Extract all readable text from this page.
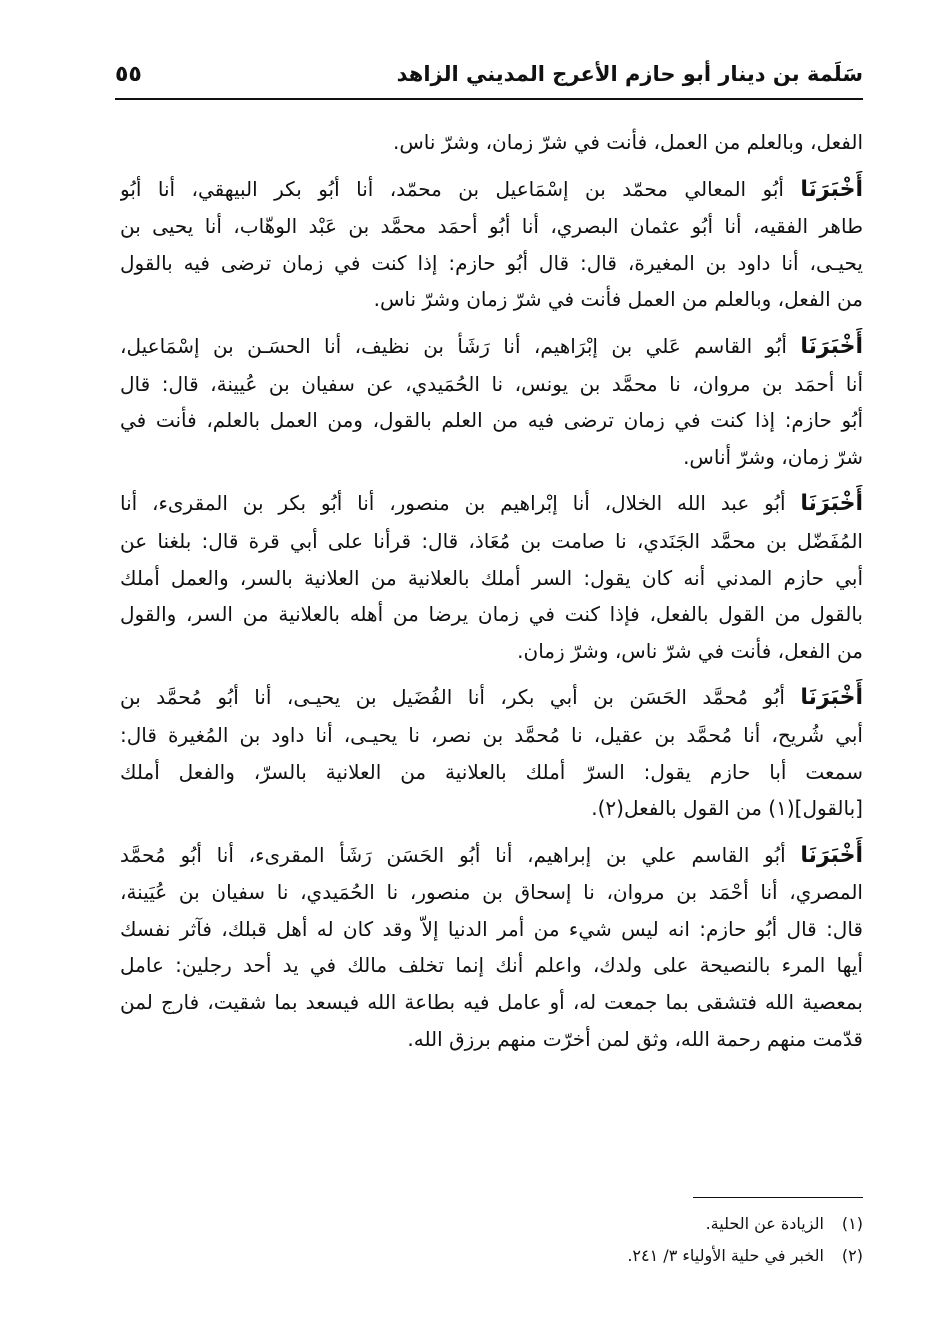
سَلَمة بن دينار أبو حازم الأعرج المديني الزاهد
٥٥
الفعل، وبالعلم من العمل، فأنت في شرّ زمان، وشرّ ناس.
أَخْبَرَنَا أبُو المعالي محمّد بن إسْمَاعيل بن محمّد، أنا أبُو بكر البيهقي، أنا أبُو
طاهر الفقيه، أنا أبُو عثمان البصري، أنا أبُو أحمَد محمَّد بن عَبْد الوهّاب، أنا يحيى بن
يحيـى، أنا داود بن المغيرة، قال: قال أبُو حازم: إذا كنت في زمان ترضى فيه بالقول
من الفعل، وبالعلم من العمل فأنت في شرّ زمان وشرّ ناس.
أَخْبَرَنَا أبُو القاسم عَلي بن إبْرَاهيم، أنا رَشَأ بن نظيف، أنا الحسَـن بن إسْمَاعيل،
أنا أحمَد بن مروان، نا محمَّد بن يونس، نا الحُمَيدي، عن سفيان بن عُيينة، قال: قال
أبُو حازم: إذا كنت في زمان ترضى فيه من العلم بالقول، ومن العمل بالعلم، فأنت في
شرّ زمان، وشرّ أناس.
أَخْبَرَنَا أبُو عبد الله الخلال، أنا إبْراهيم بن منصور، أنا أبُو بكر بن المقرىء، أنا
المُفَضّل بن محمَّد الجَنَدي، نا صامت بن مُعَاذ، قال: قرأنا على أبي قرة قال: بلغنا عن
أبي حازم المدني أنه كان يقول: السر أملك بالعلانية من العلانية بالسر، والعمل أملك
بالقول من القول بالفعل، فإذا كنت في زمان يرضا من أهله بالعلانية من السر، والقول
من الفعل، فأنت في شرّ ناس، وشرّ زمان.
أَخْبَرَنَا أبُو مُحمَّد الحَسَن بن أبي بكر، أنا الفُضَيل بن يحيـى، أنا أبُو مُحمَّد بن
أبي شُريح، أنا مُحمَّد بن عقيل، نا مُحمَّد بن نصر، نا يحيـى، أنا داود بن المُغيرة قال:
سمعت أبا حازم يقول: السرّ أملك بالعلانية من العلانية بالسرّ، والفعل أملك
[بالقول](١) من القول بالفعل(٢).
أَخْبَرَنَا أبُو القاسم علي بن إبراهيم، أنا أبُو الحَسَن رَشَأ المقرىء، أنا أبُو مُحمَّد
المصري، أنا أحْمَد بن مروان، نا إسحاق بن منصور، نا الحُمَيدي، نا سفيان بن عُيَينة،
قال: قال أبُو حازم: انه ليس شيء من أمر الدنيا إلاّ وقد كان له أهل قبلك، فآثر نفسك
أيها المرء بالنصيحة على ولدك، واعلم أنك إنما تخلف مالك في يد أحد رجلين: عامل
بمعصية الله فتشقى بما جمعت له، أو عامل فيه بطاعة الله فيسعد بما شقيت، فارج لمن
قدّمت منهم رحمة الله، وثق لمن أخرّت منهم برزق الله.
(١) الزيادة عن الحلية.
(٢) الخبر في حلية الأولياء ٣/ ٢٤١.
